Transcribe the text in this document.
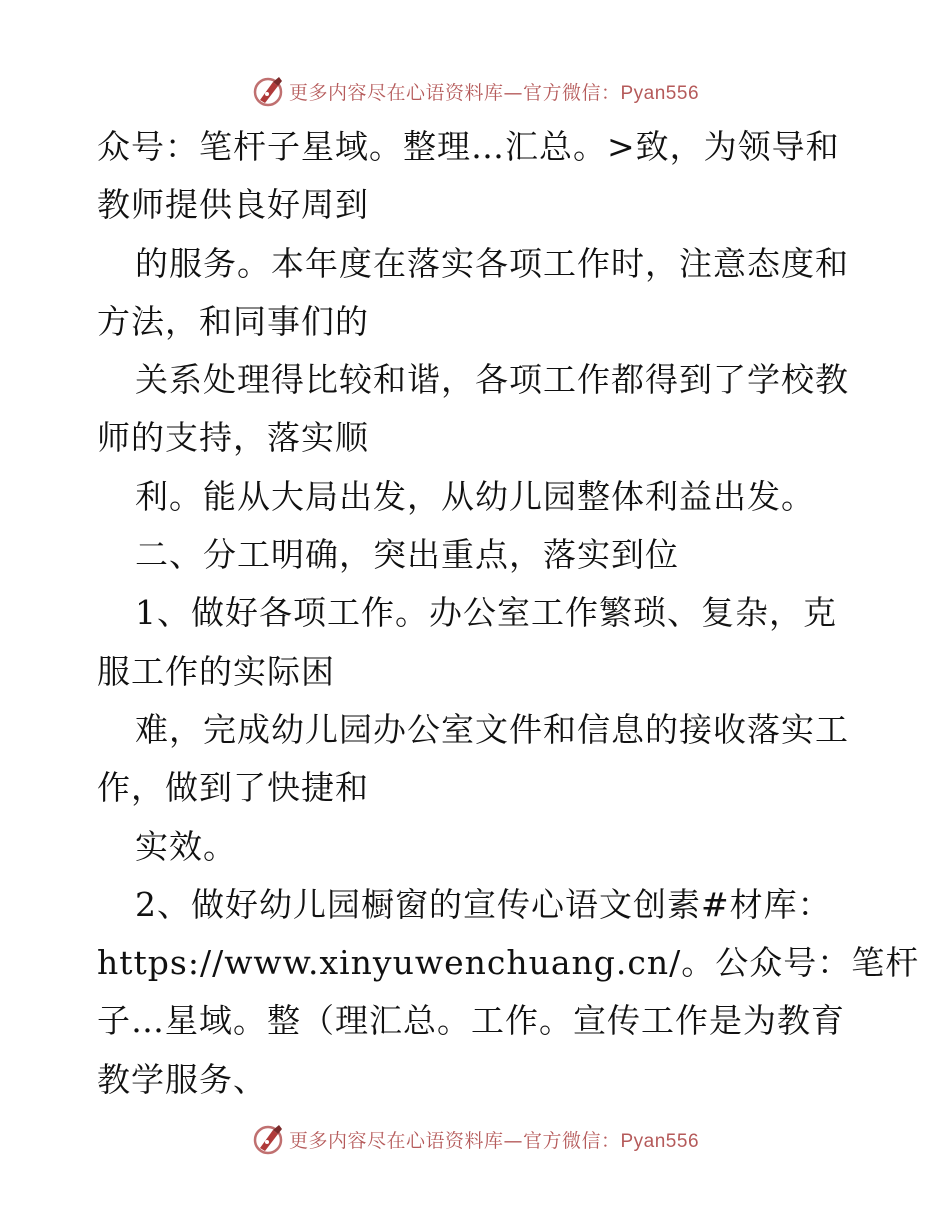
更多内容尽在心语资料库—官方微信：Pyan556
众号：笔杆子星域。整理…汇总。>致，为领导和
教师提供良好周到
的服务。本年度在落实各项工作时，注意态度和
方法，和同事们的
关系处理得比较和谐，各项工作都得到了学校教
师的支持，落实顺
利。能从大局出发，从幼儿园整体利益出发。
二、分工明确，突出重点，落实到位
1、做好各项工作。办公室工作繁琐、复杂，克
服工作的实际困
难，完成幼儿园办公室文件和信息的接收落实工
作，做到了快捷和
实效。
2、做好幼儿园橱窗的宣传心语文创素#材库：
https://www.xinyuwenchuang.cn/。公众号：笔杆
子…星域。整（理汇总。工作。宣传工作是为教育
教学服务、
更多内容尽在心语资料库—官方微信：Pyan556
